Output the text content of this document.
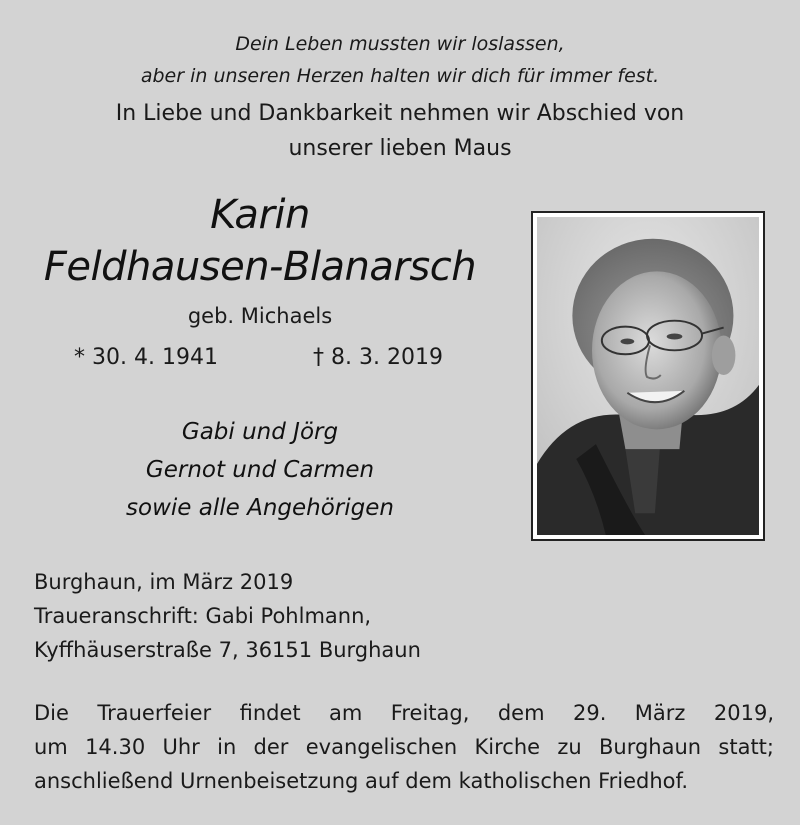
Dein Leben mussten wir loslassen,
aber in unseren Herzen halten wir dich für immer fest.
In Liebe und Dankbarkeit nehmen wir Abschied von
unserer lieben Maus
Karin
Feldhausen-Blanarsch
geb. Michaels
* 30. 4. 1941	† 8. 3. 2019
Gabi und Jörg
Gernot und Carmen
sowie alle Angehörigen
Burghaun, im März 2019
Traueranschrift: Gabi Pohlmann,
Kyffhäuserstraße 7, 36151 Burghaun
Die Trauerfeier findet am Freitag, dem 29. März 2019,
um 14.30 Uhr in der evangelischen Kirche zu Burghaun statt;
anschließend Urnenbeisetzung auf dem katholischen Friedhof.
